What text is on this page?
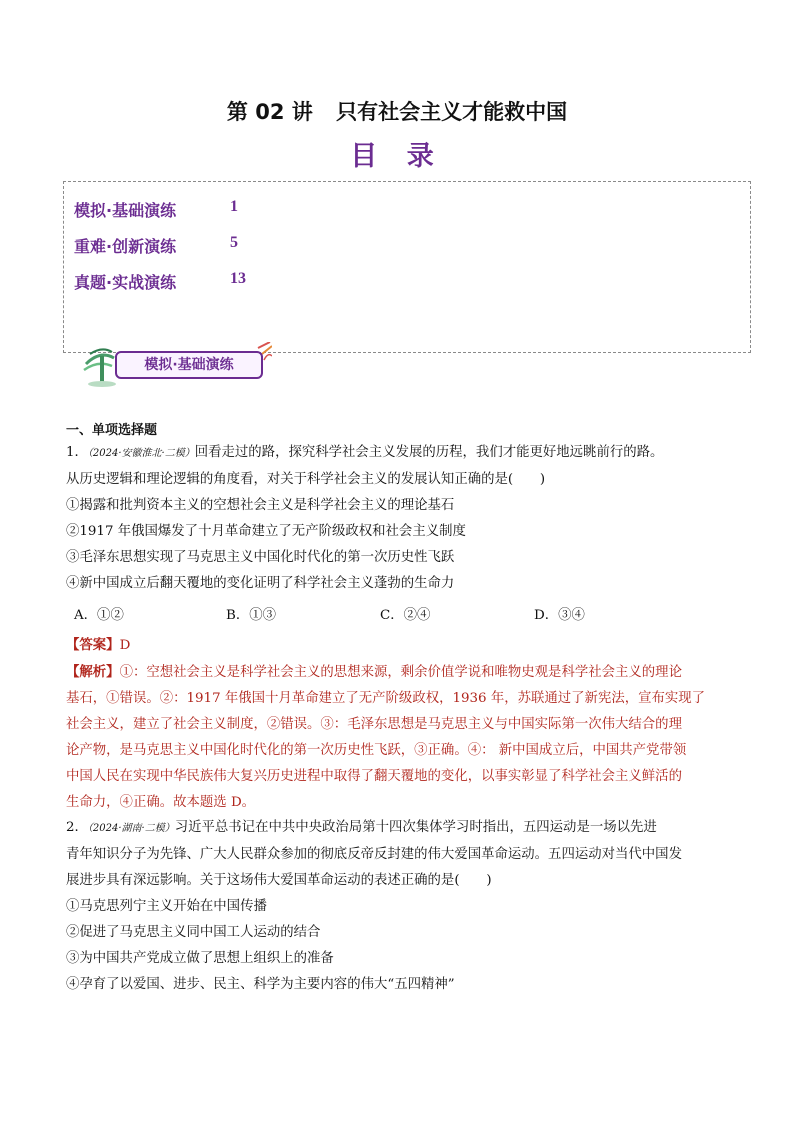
第 02 讲 只有社会主义才能救中国
目 录
模拟·基础演练	1
重难·创新演练	5
真题·实战演练	13
模拟·基础演练
一、单项选择题
1．（2024·安徽淮北·二模）回看走过的路，探究科学社会主义发展的历程，我们才能更好地远眺前行的路。
从历史逻辑和理论逻辑的角度看，对关于科学社会主义的发展认知正确的是(　　)
①揭露和批判资本主义的空想社会主义是科学社会主义的理论基石
②1917 年俄国爆发了十月革命建立了无产阶级政权和社会主义制度
③毛泽东思想实现了马克思主义中国化时代化的第一次历史性飞跃
④新中国成立后翻天覆地的变化证明了科学社会主义蓬勃的生命力
A．①②	B．①③	C．②④	D．③④
【答案】D
【解析】①：空想社会主义是科学社会主义的思想来源，剩余价值学说和唯物史观是科学社会主义的理论
基石，①错误。②：1917 年俄国十月革命建立了无产阶级政权，1936 年，苏联通过了新宪法，宣布实现了
社会主义，建立了社会主义制度，②错误。③：毛泽东思想是马克思主义与中国实际第一次伟大结合的理
论产物，是马克思主义中国化时代化的第一次历史性飞跃，③正确。④： 新中国成立后，中国共产党带领
中国人民在实现中华民族伟大复兴历史进程中取得了翻天覆地的变化，以事实彰显了科学社会主义鲜活的
生命力，④正确。故本题选 D。
2．（2024·湖南·二模）习近平总书记在中共中央政治局第十四次集体学习时指出，五四运动是一场以先进
青年知识分子为先锋、广大人民群众参加的彻底反帝反封建的伟大爱国革命运动。五四运动对当代中国发
展进步具有深远影响。关于这场伟大爱国革命运动的表述正确的是(　　)
①马克思列宁主义开始在中国传播
②促进了马克思主义同中国工人运动的结合
③为中国共产党成立做了思想上组织上的准备
④孕育了以爱国、进步、民主、科学为主要内容的伟大“五四精神”
